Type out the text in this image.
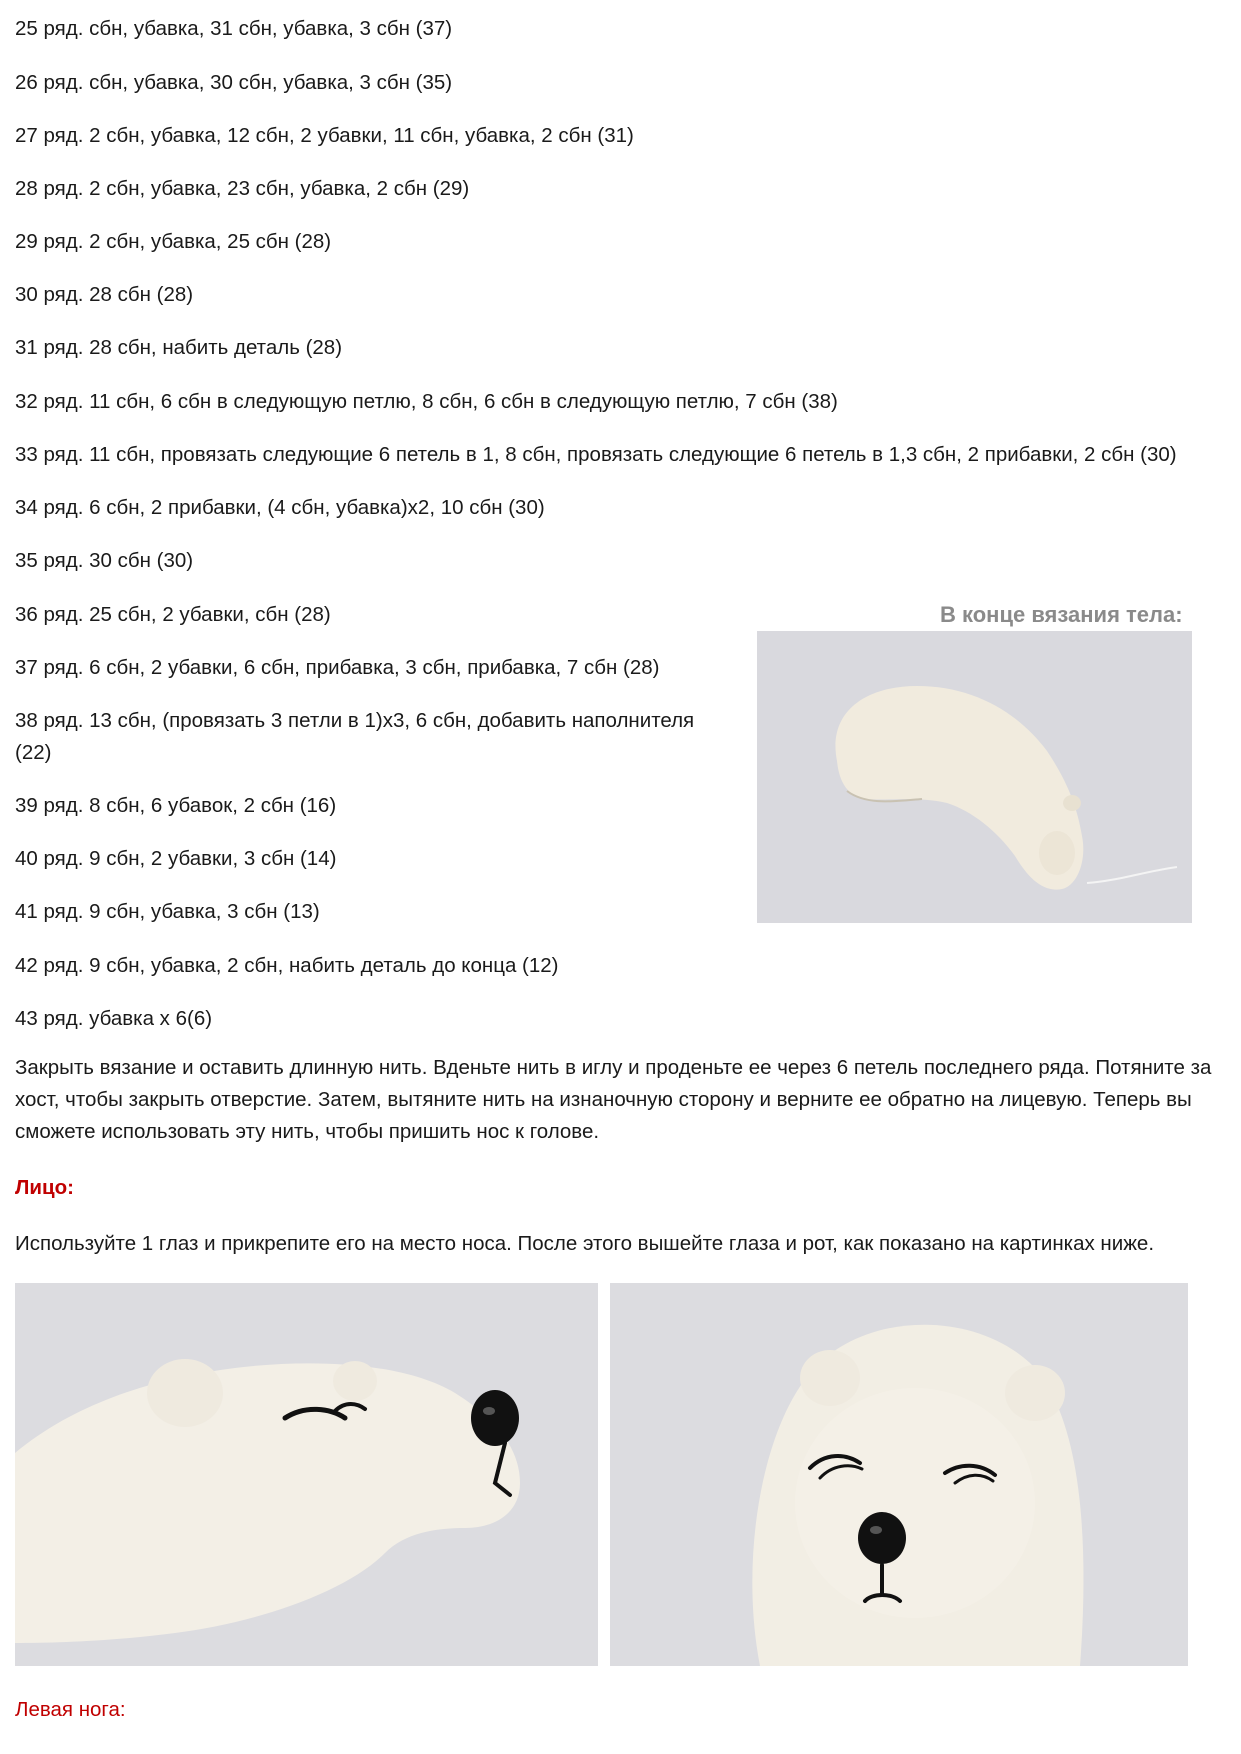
25 ряд. сбн, убавка, 31 сбн, убавка, 3 сбн (37)
26 ряд. сбн, убавка, 30 сбн, убавка, 3 сбн (35)
27 ряд. 2 сбн, убавка, 12 сбн, 2 убавки, 11 сбн, убавка, 2 сбн (31)
28 ряд. 2 сбн, убавка, 23 сбн, убавка, 2 сбн (29)
29 ряд. 2 сбн, убавка, 25 сбн (28)
30 ряд. 28 сбн (28)
31 ряд. 28 сбн, набить деталь (28)
32 ряд. 11 сбн, 6 сбн в следующую петлю, 8 сбн, 6 сбн в следующую петлю, 7 сбн (38)
33 ряд. 11 сбн, провязать следующие 6 петель в 1, 8 сбн, провязать следующие 6 петель в 1,3 сбн, 2 прибавки, 2 сбн (30)
34 ряд. 6 сбн, 2 прибавки, (4 сбн, убавка)х2, 10 сбн (30)
35 ряд. 30 сбн (30)
36 ряд. 25 сбн, 2 убавки, сбн (28)
37 ряд. 6 сбн, 2 убавки, 6 сбн, прибавка, 3 сбн, прибавка, 7 сбн (28)
38 ряд. 13 сбн, (провязать 3 петли в 1)х3, 6 сбн, добавить наполнителя (22)
39 ряд. 8 сбн, 6 убавок, 2 сбн (16)
40 ряд. 9 сбн, 2 убавки, 3 сбн (14)
41 ряд. 9 сбн, убавка, 3 сбн (13)
42 ряд. 9 сбн, убавка, 2 сбн, набить деталь до конца (12)
43 ряд. убавка х 6(6)
В конце вязания тела:
Закрыть вязание и оставить длинную нить. Вденьте нить в иглу и проденьте ее через 6 петель последнего ряда. Потяните за хост, чтобы закрыть отверстие. Затем, вытяните нить на изнаночную сторону и верните ее обратно на лицевую. Теперь вы сможете использовать эту нить, чтобы пришить нос к голове.
Лицо:
Используйте 1 глаз и прикрепите его на место носа. После этого вышейте глаза и рот, как показано на картинках ниже.
Левая нога:
